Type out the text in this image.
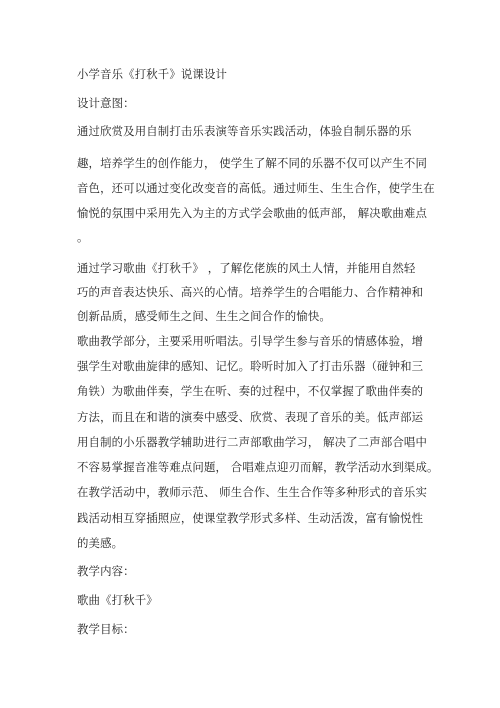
小学音乐《打秋千》说课设计
设计意图：
通过欣赏及用自制打击乐表演等音乐实践活动，体验自制乐器的乐
趣，培养学生的创作能力， 使学生了解不同的乐器不仅可以产生不同
音色，还可以通过变化改变音的高低。通过师生、生生合作，使学生在
愉悦的氛围中采用先入为主的方式学会歌曲的低声部， 解决歌曲难点
。
通过学习歌曲《打秋千》 ，了解仡佬族的风土人情，并能用自然轻
巧的声音表达快乐、高兴的心情。培养学生的合唱能力、合作精神和
创新品质，感受师生之间、生生之间合作的愉快。
歌曲教学部分，主要采用听唱法。引导学生参与音乐的情感体验，增
强学生对歌曲旋律的感知、记忆。聆听时加入了打击乐器（碰钟和三
角铁）为歌曲伴奏，学生在听、奏的过程中，不仅掌握了歌曲伴奏的
方法，而且在和谐的演奏中感受、欣赏、表现了音乐的美。低声部运
用自制的小乐器教学辅助进行二声部歌曲学习， 解决了二声部合唱中
不容易掌握音准等难点问题， 合唱难点迎刃而解，教学活动水到渠成。
在教学活动中，教师示范、 师生合作、生生合作等多种形式的音乐实
践活动相互穿插照应，使课堂教学形式多样、生动活泼，富有愉悦性
的美感。
教学内容：
歌曲《打秋千》
教学目标：
